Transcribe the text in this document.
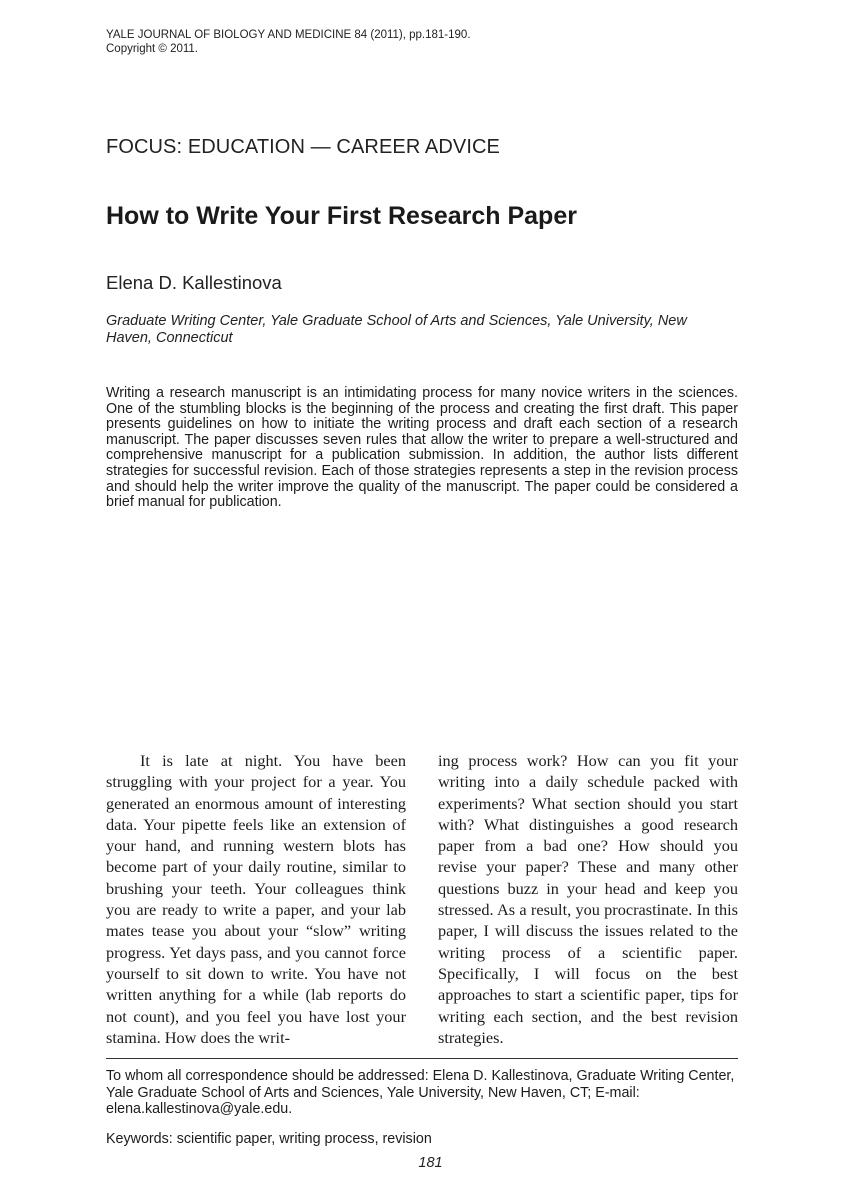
YALE JOURNAL OF BIOLOGY AND MEDICINE 84 (2011), pp.181-190.
Copyright © 2011.
FOCUS: EDUCATION — CAREER ADVICE
How to Write Your First Research Paper
Elena D. Kallestinova
Graduate Writing Center, Yale Graduate School of Arts and Sciences, Yale University, New Haven, Connecticut
Writing a research manuscript is an intimidating process for many novice writers in the sciences. One of the stumbling blocks is the beginning of the process and creating the first draft. This paper presents guidelines on how to initiate the writing process and draft each section of a research manuscript. The paper discusses seven rules that allow the writer to prepare a well-structured and comprehensive manuscript for a publication submission. In addition, the author lists different strategies for successful revision. Each of those strategies represents a step in the revision process and should help the writer improve the quality of the manuscript. The paper could be considered a brief manual for publication.
It is late at night. You have been struggling with your project for a year. You generated an enormous amount of interesting data. Your pipette feels like an extension of your hand, and running western blots has become part of your daily routine, similar to brushing your teeth. Your colleagues think you are ready to write a paper, and your lab mates tease you about your “slow” writing progress. Yet days pass, and you cannot force yourself to sit down to write. You have not written anything for a while (lab reports do not count), and you feel you have lost your stamina. How does the writ-
ing process work? How can you fit your writing into a daily schedule packed with experiments? What section should you start with? What distinguishes a good research paper from a bad one? How should you revise your paper? These and many other questions buzz in your head and keep you stressed. As a result, you procrastinate. In this paper, I will discuss the issues related to the writing process of a scientific paper. Specifically, I will focus on the best approaches to start a scientific paper, tips for writing each section, and the best revision strategies.
To whom all correspondence should be addressed: Elena D. Kallestinova, Graduate Writing Center, Yale Graduate School of Arts and Sciences, Yale University, New Haven, CT; E-mail: elena.kallestinova@yale.edu.
Keywords: scientific paper, writing process, revision
181
